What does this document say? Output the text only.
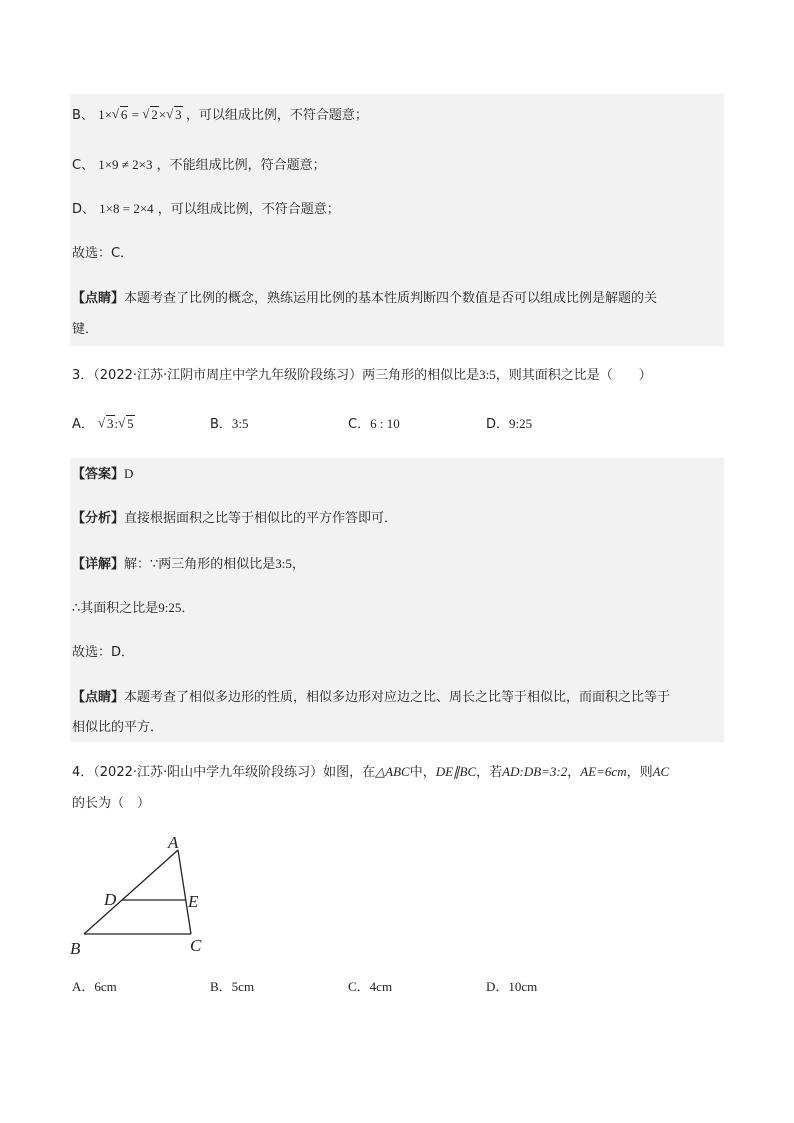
B、 1× √ 6 = √ 2× √ 3 ，可以组成比例，不符合题意；
C、 1×9 ≠ 2×3 ，不能组成比例，符合题意；
D、 1×8 = 2×4 ，可以组成比例，不符合题意；
故选：C．
【点睛】本题考查了比例的概念，熟练运用比例的基本性质判断四个数值是否可以组成比例是解题的关
键．
3．（2022·江苏·江阴市周庄中学九年级阶段练习）两三角形的相似比是3:5，则其面积之比是（　　）
A． √ 3: √ 5	B．3:5	C．6 : 10	D．9:25
【答案】D
【分析】直接根据面积之比等于相似比的平方作答即可．
【详解】解：∵两三角形的相似比是3:5，
∴其面积之比是9:25．
故选：D．
【点睛】本题考查了相似多边形的性质，相似多边形对应边之比、周长之比等于相似比，而面积之比等于
相似比的平方．
4．（2022·江苏·阳山中学九年级阶段练习）如图，在△ABC中，DE∥BC，若AD:DB=3:2，AE=6cm，则AC
的长为（　）
A
D	E
B	C
A．6cm	B．5cm	C．4cm	D．10cm
